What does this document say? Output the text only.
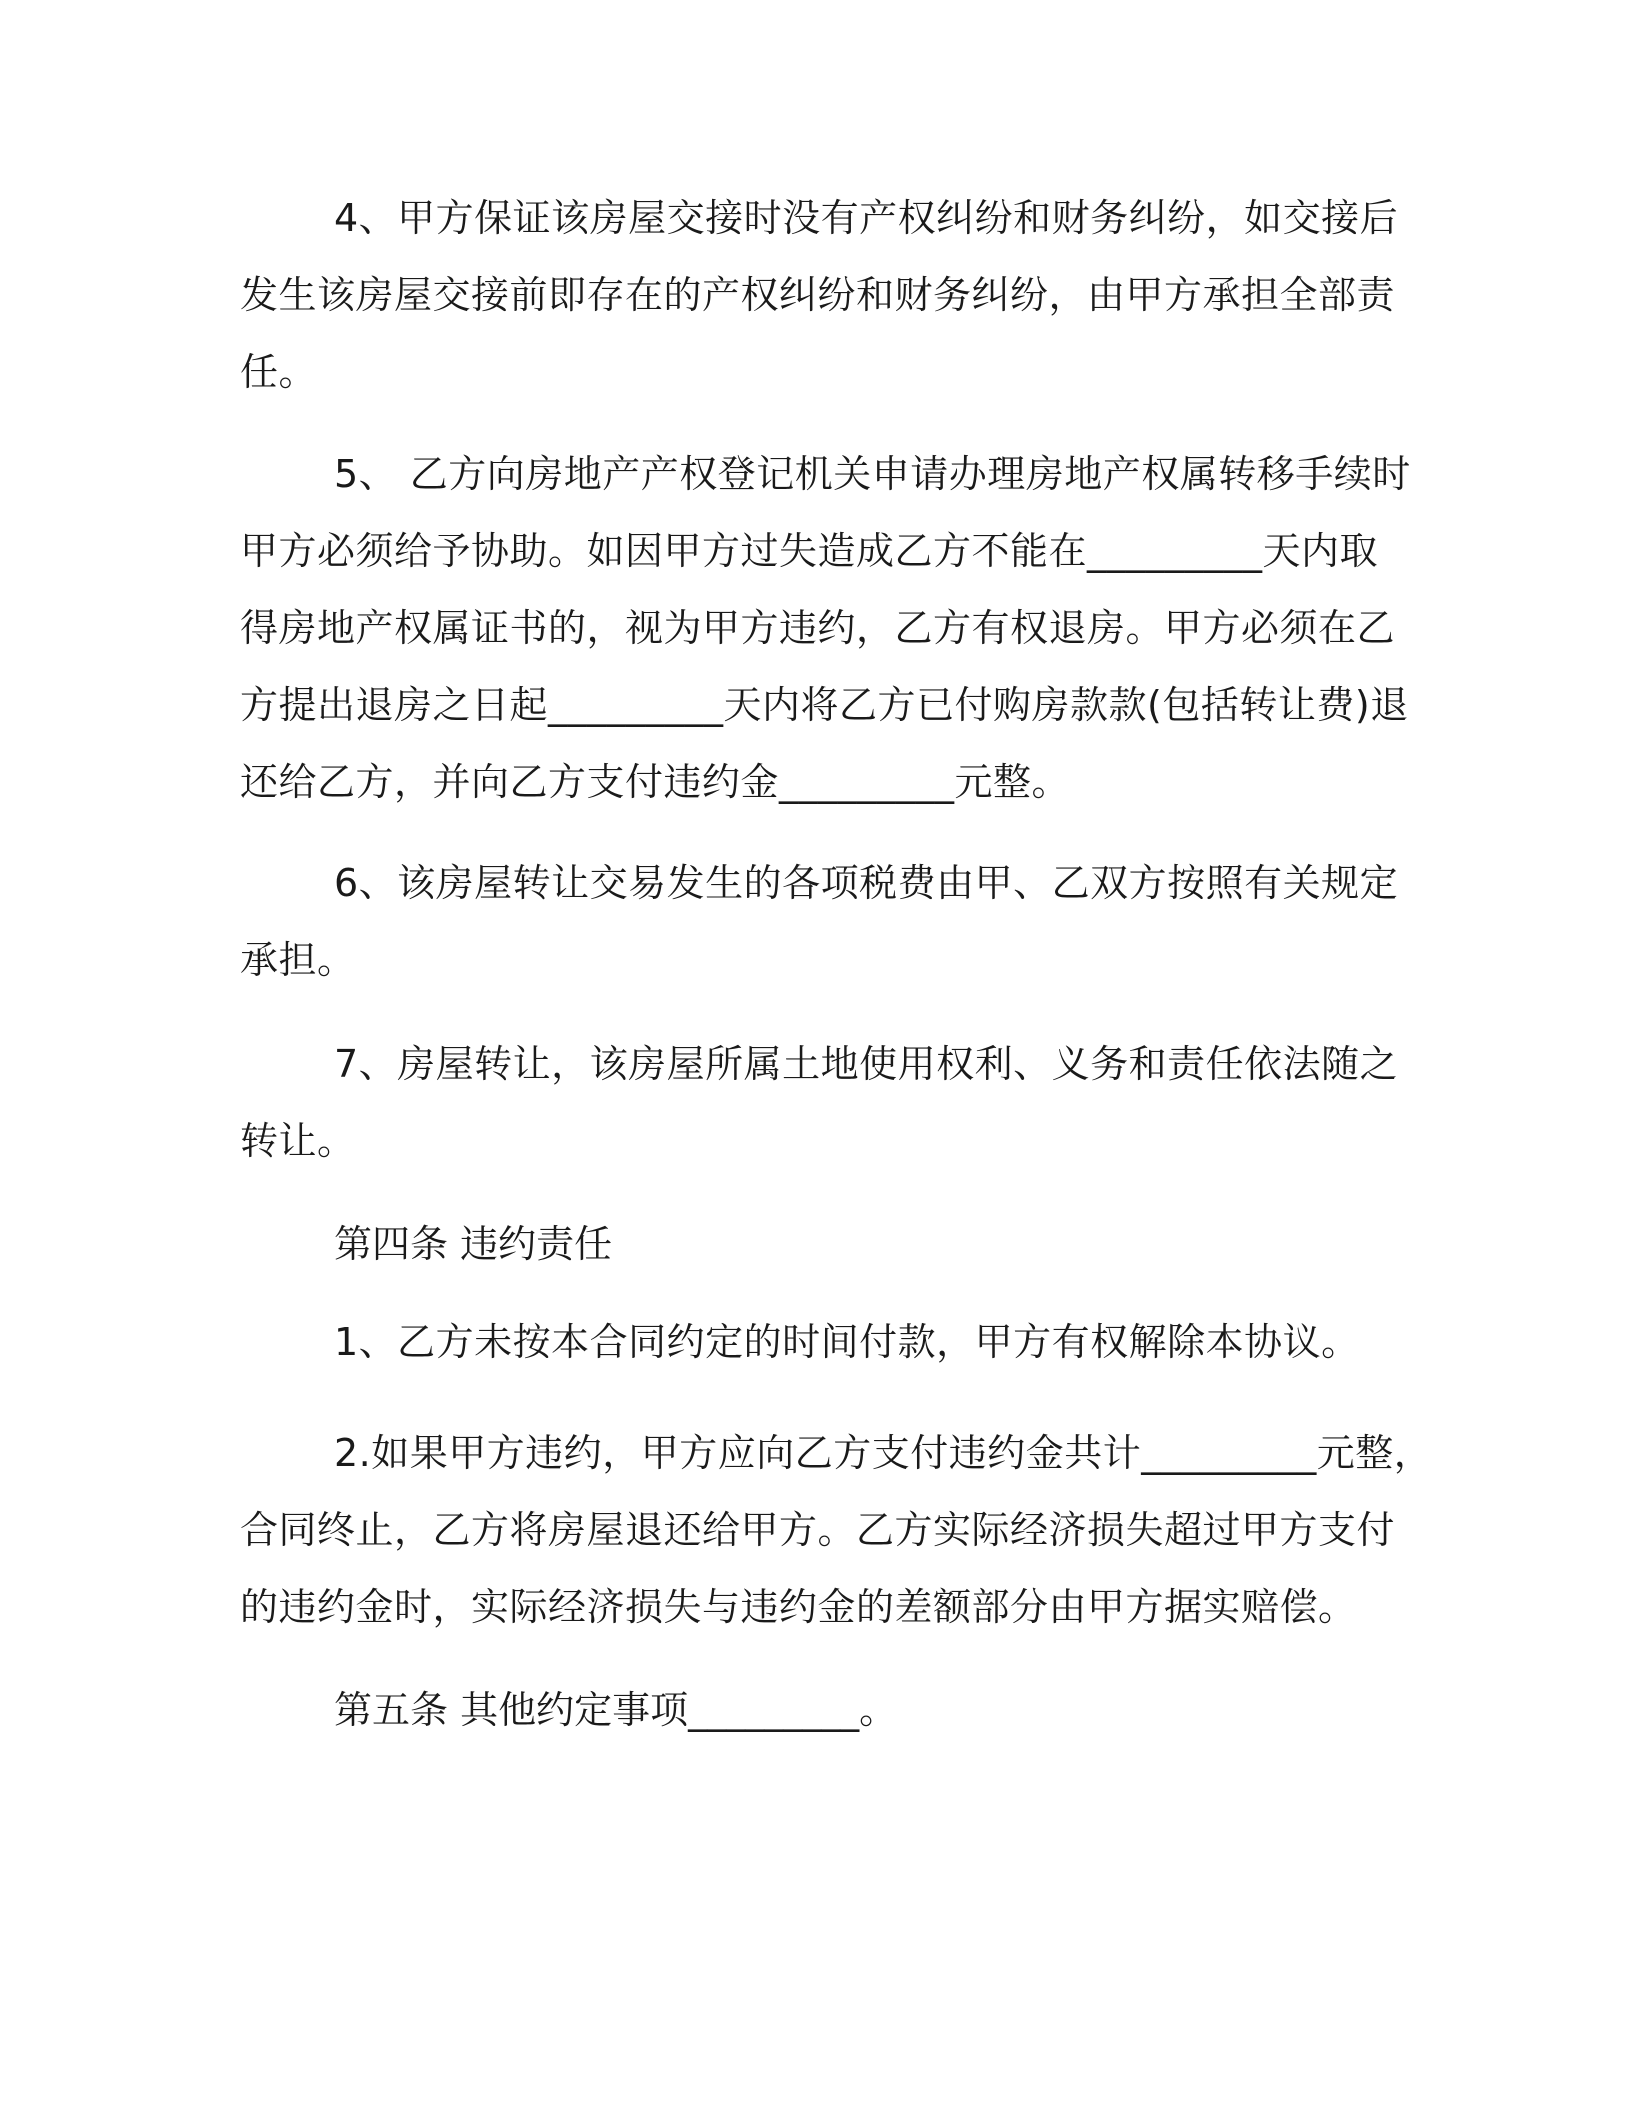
4、甲方保证该房屋交接时没有产权纠纷和财务纠纷，如交接后
发生该房屋交接前即存在的产权纠纷和财务纠纷，由甲方承担全部责
任。
5、 乙方向房地产产权登记机关申请办理房地产权属转移手续时
甲方必须给予协助。如因甲方过失造成乙方不能在_________天内取
得房地产权属证书的，视为甲方违约，乙方有权退房。甲方必须在乙
方提出退房之日起_________天内将乙方已付购房款款(包括转让费)退
还给乙方，并向乙方支付违约金_________元整。
6、该房屋转让交易发生的各项税费由甲、乙双方按照有关规定
承担。
7、房屋转让，该房屋所属土地使用权利、义务和责任依法随之
转让。
第四条 违约责任
1、乙方未按本合同约定的时间付款，甲方有权解除本协议。
2.如果甲方违约，甲方应向乙方支付违约金共计_________元整，
合同终止，乙方将房屋退还给甲方。乙方实际经济损失超过甲方支付
的违约金时，实际经济损失与违约金的差额部分由甲方据实赔偿。
第五条 其他约定事项_________。
